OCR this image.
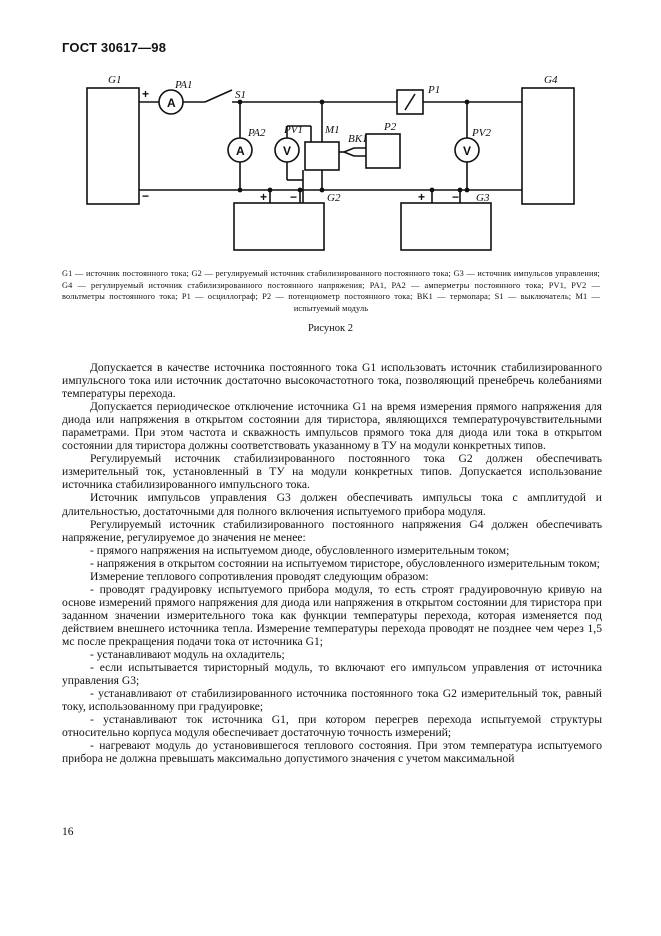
ГОСТ 30617—98
A
A	V	V
+
−	+ −	+ −
G1	G4
G2	G3
PA1
S1
PA2 PV1 M1
BK1
P2
P1
PV2
G1 — источник постоянного тока; G2 — регулируемый источник стабилизированного постоянного тока; G3 — источник импульсов управления; G4 — регулируемый источник стабилизированного постоянного напряжения; PA1, PA2 — амперметры постоянного тока; PV1, PV2 — вольтметры постоянного тока; P1 — осциллограф; P2 — потенциометр постоянного тока; BK1 — термопара; S1 — выключатель; M1 — испытуемый модуль
Рисунок 2

Допускается в качестве источника постоянного тока G1 использовать источник стабилизированного импульсного тока или источник достаточно высокочастотного тока, позволяющий пренебречь колебаниями температуры перехода.

Допускается периодическое отключение источника G1 на время измерения прямого напряжения для диода или напряжения в открытом состоянии для тиристора, являющихся температурочувствительными параметрами. При этом частота и скважность импульсов прямого тока для диода или тока в открытом состоянии для тиристора должны соответствовать указанному в ТУ на модули конкретных типов.

Регулируемый источник стабилизированного постоянного тока G2 должен обеспечивать измерительный ток, установленный в ТУ на модули конкретных типов. Допускается использование источника стабилизированного импульсного тока.

Источник импульсов управления G3 должен обеспечивать импульсы тока с амплитудой и длительностью, достаточными для полного включения испытуемого прибора модуля.

Регулируемый источник стабилизированного постоянного напряжения G4 должен обеспечивать напряжение, регулируемое до значения не менее:

- прямого напряжения на испытуемом диоде, обусловленного измерительным током;

- напряжения в открытом состоянии на испытуемом тиристоре, обусловленного измерительным током;

Измерение теплового сопротивления проводят следующим образом:

- проводят градуировку испытуемого прибора модуля, то есть строят градуировочную кривую на основе измерений прямого напряжения для диода или напряжения в открытом состоянии для тиристора при заданном значении измерительного тока как функции температуры перехода, которая изменяется под действием внешнего источника тепла. Измерение температуры перехода проводят не позднее чем через 1,5 мс после прекращения подачи тока от источника G1;

- устанавливают модуль на охладитель;

- если испытывается тиристорный модуль, то включают его импульсом управления от источника управления G3;

- устанавливают от стабилизированного источника постоянного тока G2 измерительный ток, равный току, использованному при градуировке;

- устанавливают ток источника G1, при котором перегрев перехода испытуемой структуры относительно корпуса модуля обеспечивает достаточную точность измерений;

- нагревают модуль до установившегося теплового состояния. При этом температура испытуемого прибора не должна превышать максимально допустимого значения с учетом максимальной

16
